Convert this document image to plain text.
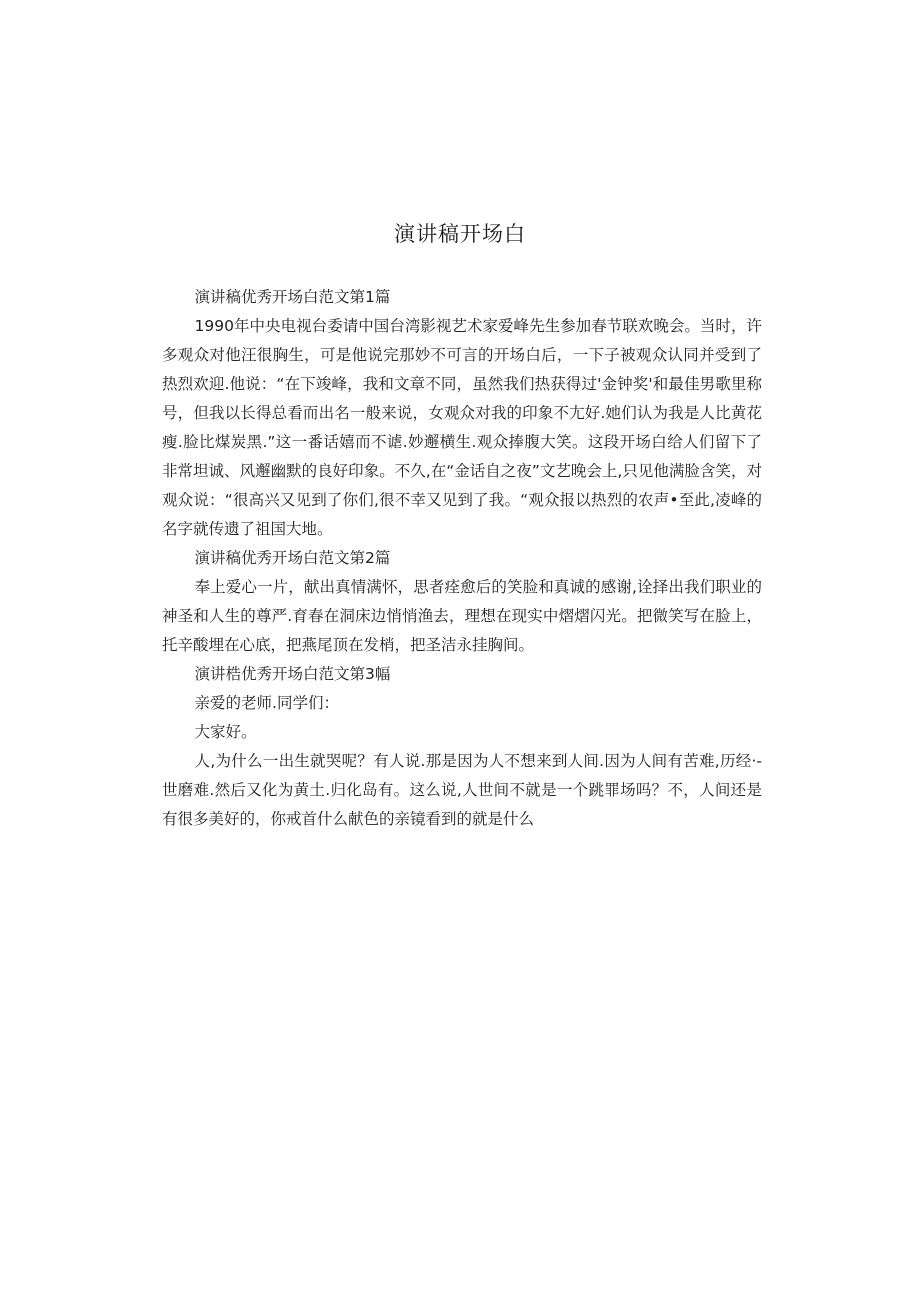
演讲稿开场白

演讲稿优秀开场白范文第1篇

1990年中央电视台委请中国台湾影视艺术家爱峰先生参加春节联欢晚会。当时，许多观众对他汪很胸生，可是他说完那妙不可言的开场白后，一下子被观众认同并受到了热烈欢迎.他说：“在下竣峰，我和文章不同，虽然我们热获得过'金钟奖'和最佳男歌里称号，但我以长得总看而出名一般来说，女观众对我的印象不尢好.她们认为我是人比黄花瘦.脸比煤炭黑.”这一番话嬉而不谑.妙邂横生.观众捧腹大笑。这段开场白给人们留下了非常坦诚、风邂幽默的良好印象。不久,在“金话自之夜”文艺晚会上,只见他满脸含笑，对观众说：“很高兴又见到了你们,很不幸又见到了我。“观众报以热烈的农声•至此,凌峰的名字就传遗了祖国大地。

演讲稿优秀开场白范文第2篇

奉上爱心一片，献出真情满怀，思者痊愈后的笑脸和真诚的感谢,诠择出我们职业的神圣和人生的尊严.育春在洞床边悄悄渔去，理想在现实中熠熠闪光。把微笑写在脸上，托辛酸埋在心底，把燕尾顶在发梢，把圣洁永挂胸间。

演讲梏优秀开场白范文第3幅

亲爱的老师.同学们：

大家好。

人,为什么一出生就哭呢？有人说.那是因为人不想来到人间.因为人间有苦难,历经·-世磨难.然后又化为黄土.归化岛有。这么说,人世间不就是一个跳罪场吗？不，人间还是有很多美好的，你戒首什么献色的亲镜看到的就是什么
